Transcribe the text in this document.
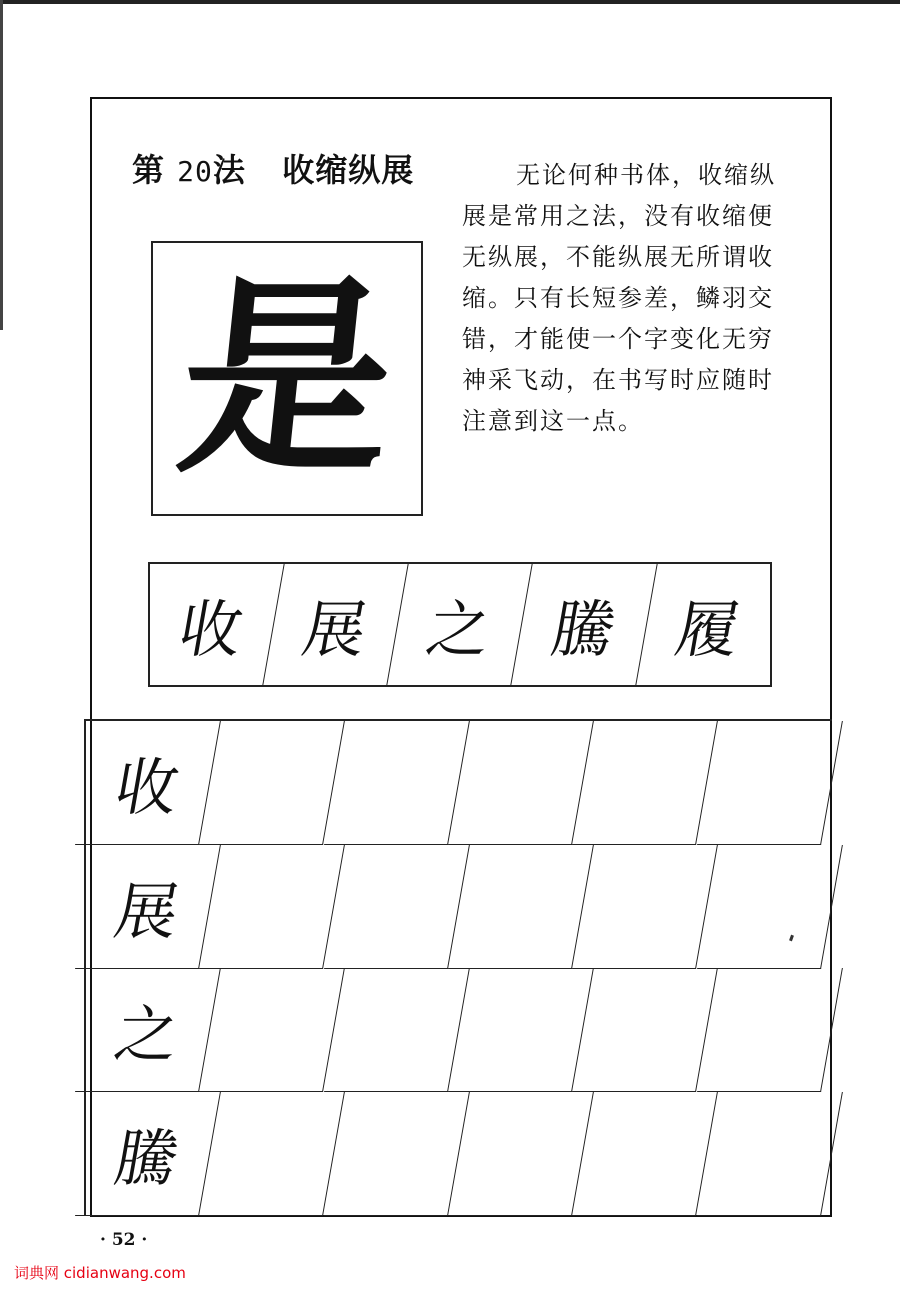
第 20法   收缩纵展	无论何种书体，收缩纵
展是常用之法，没有收缩便
无纵展，不能纵展无所谓收
缩。只有长短参差，鳞羽交
错，才能使一个字变化无穷
神采飞动，在书写时应随时
注意到这一点。
是
收 展 之 騰 履
收
展
之
騰
· 52 ·
词典网 cidianwang.com
